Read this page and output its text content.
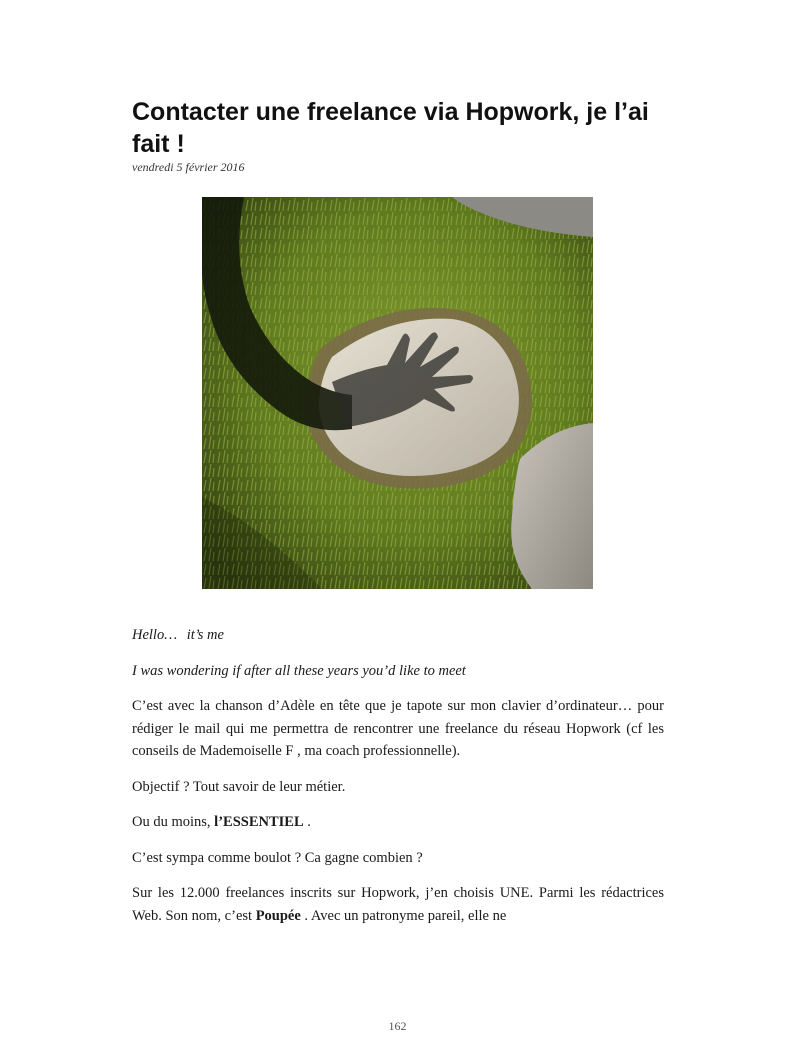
Contacter une freelance via Hopwork, je l’ai fait !
vendredi 5 février 2016

Hello… it’s me

I was wondering if after all these years you’d like to meet

C’est avec la chanson d’Adèle en tête que je tapote sur mon clavier d’ordinateur… pour rédiger le mail qui me permettra de rencontrer une freelance du réseau Hopwork (cf les conseils de Mademoiselle F , ma coach professionnelle).

Objectif ? Tout savoir de leur métier.

Ou du moins, l’ESSENTIEL .

C’est sympa comme boulot ? Ca gagne combien ?

Sur les 12.000 freelances inscrits sur Hopwork, j’en choisis UNE. Parmi les rédactrices Web. Son nom, c’est Poupée . Avec un patronyme pareil, elle ne

162
